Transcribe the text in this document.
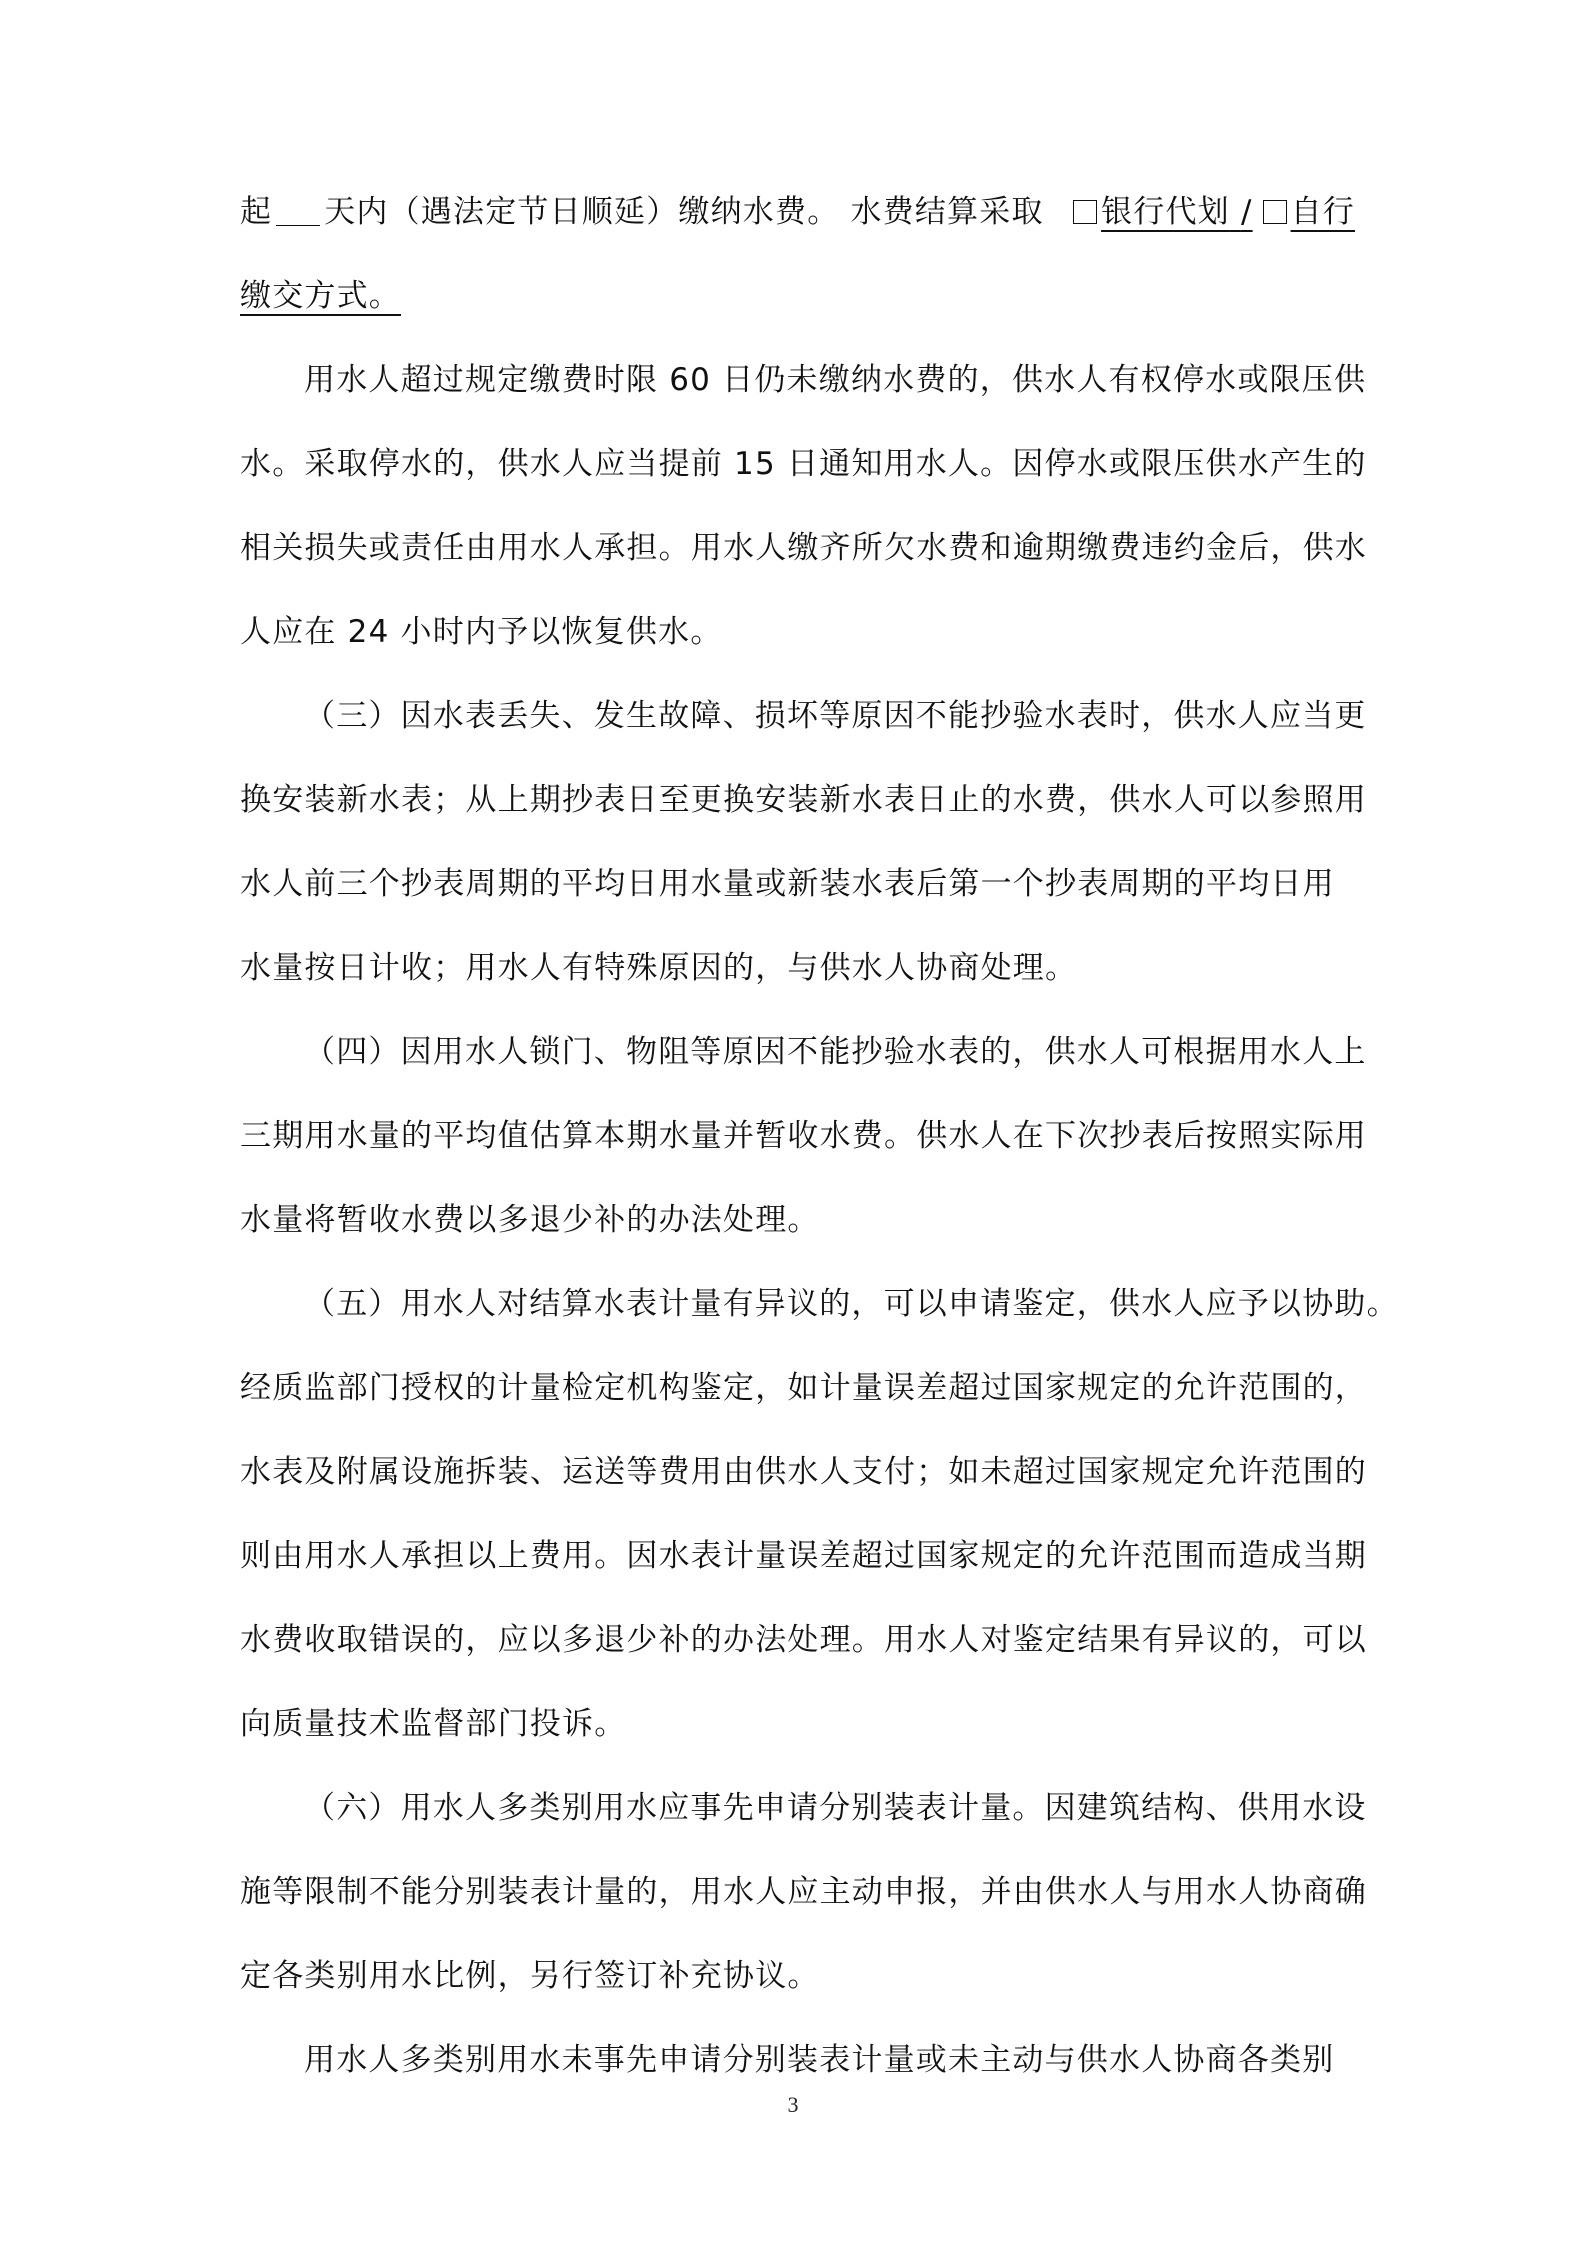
起 天内（遇法定节日顺延）缴纳水费。 水费结算采取	银行代划 / 自行
缴交方式。
用水人超过规定缴费时限 60 日仍未缴纳水费的，供水人有权停水或限压供
水。采取停水的，供水人应当提前 15 日通知用水人。因停水或限压供水产生的
相关损失或责任由用水人承担。用水人缴齐所欠水费和逾期缴费违约金后，供水
人应在 24 小时内予以恢复供水。
（三）因水表丢失、发生故障、损坏等原因不能抄验水表时，供水人应当更
换安装新水表；从上期抄表日至更换安装新水表日止的水费，供水人可以参照用
水人前三个抄表周期的平均日用水量或新装水表后第一个抄表周期的平均日用
水量按日计收；用水人有特殊原因的，与供水人协商处理。
（四）因用水人锁门、物阻等原因不能抄验水表的，供水人可根据用水人上
三期用水量的平均值估算本期水量并暂收水费。供水人在下次抄表后按照实际用
水量将暂收水费以多退少补的办法处理。
（五）用水人对结算水表计量有异议的，可以申请鉴定，供水人应予以协助。
经质监部门授权的计量检定机构鉴定，如计量误差超过国家规定的允许范围的，
水表及附属设施拆装、运送等费用由供水人支付；如未超过国家规定允许范围的
则由用水人承担以上费用。因水表计量误差超过国家规定的允许范围而造成当期
水费收取错误的，应以多退少补的办法处理。用水人对鉴定结果有异议的，可以
向质量技术监督部门投诉。
（六）用水人多类别用水应事先申请分别装表计量。因建筑结构、供用水设
施等限制不能分别装表计量的，用水人应主动申报，并由供水人与用水人协商确
定各类别用水比例，另行签订补充协议。
用水人多类别用水未事先申请分别装表计量或未主动与供水人协商各类别
3
